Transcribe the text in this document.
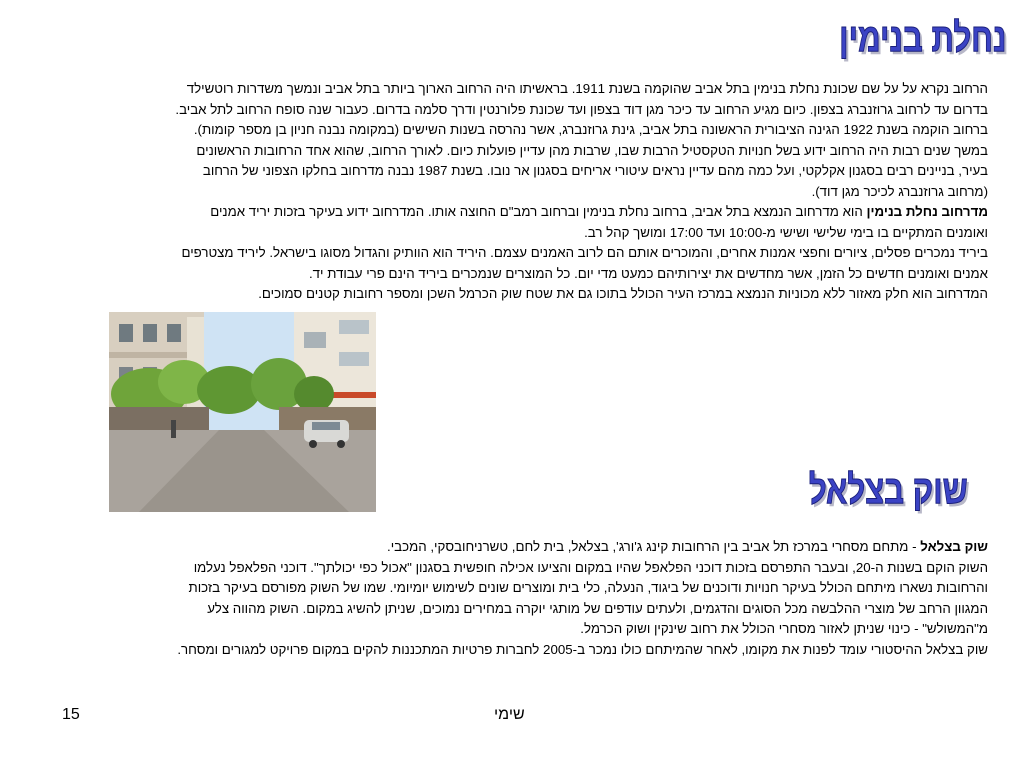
נחלת בנימין

הרחוב נקרא על על שם שכונת נחלת בנימין בתל אביב שהוקמה בשנת 1911. בראשיתו היה הרחוב הארוך ביותר בתל אביב ונמשך משדרות רוטשילד

בדרום עד לרחוב גרוזנברג בצפון. כיום מגיע הרחוב עד כיכר מגן דוד בצפון ועד שכונת פלורנטין ודרך סלמה בדרום. כעבור שנה סופח הרחוב לתל אביב.

ברחוב הוקמה בשנת 1922 הגינה הציבורית הראשונה בתל אביב, גינת גרוזנברג, אשר נהרסה בשנות השישים (במקומה נבנה חניון בן מספר קומות).

במשך שנים רבות היה הרחוב ידוע בשל חנויות הטקסטיל הרבות שבו, שרבות מהן עדיין פועלות כיום. לאורך הרחוב, שהוא אחד הרחובות הראשונים

בעיר, בניינים רבים בסגנון אקלקטי, ועל כמה מהם עדיין נראים עיטורי אריחים בסגנון אר נובו. בשנת 1987 נבנה מדרחוב בחלקו הצפוני של הרחוב

(מרחוב גרוזנברג לכיכר מגן דוד).

מדרחוב נחלת בנימין הוא מדרחוב הנמצא בתל אביב, ברחוב נחלת בנימין וברחוב רמב"ם החוצה אותו. המדרחוב ידוע בעיקר בזכות יריד אמנים

ואומנים המתקיים בו בימי שלישי ושישי מ-10:00 ועד 17:00 ומושך קהל רב.

ביריד נמכרים פסלים, ציורים וחפצי אמנות אחרים, והמוכרים אותם הם לרוב האמנים עצמם. היריד הוא הוותיק והגדול מסוגו בישראל. ליריד מצטרפים

אמנים ואומנים חדשים כל הזמן, אשר מחדשים את יצירותיהם כמעט מדי יום. כל המוצרים שנמכרים ביריד הינם פרי עבודת יד.

המדרחוב הוא חלק מאזור ללא מכוניות הנמצא במרכז העיר הכולל בתוכו גם את שטח שוק הכרמל השכן ומספר רחובות קטנים סמוכים.

שוק בצלאל

שוק בצלאל - מתחם מסחרי במרכז תל אביב בין הרחובות קינג ג'ורג', בצלאל, בית לחם, טשרניחובסקי, המכבי.

השוק הוקם בשנות ה-20, ובעבר התפרסם בזכות דוכני הפלאפל שהיו במקום והציעו אכילה חופשית בסגנון "אכול כפי יכולתך". דוכני הפלאפל נעלמו

והרחובות נשארו מיתחם הכולל בעיקר חנויות ודוכנים של ביגוד, הנעלה, כלי בית ומוצרים שונים לשימוש יומיומי. שמו של השוק מפורסם בעיקר בזכות

המגוון הרחב של מוצרי ההלבשה מכל הסוגים והדגמים, ולעתים עודפים של מותגי יוקרה במחירים נמוכים, שניתן להשיג במקום. השוק מהווה צלע

מ"המשולש" - כינוי שניתן לאזור מסחרי הכולל את רחוב שינקין ושוק הכרמל.

שוק בצלאל ההיסטורי עומד לפנות את מקומו, לאחר שהמיתחם כולו נמכר ב-2005 לחברות פרטיות המתכננות להקים במקום פרויקט למגורים ומסחר.

15	שימי
